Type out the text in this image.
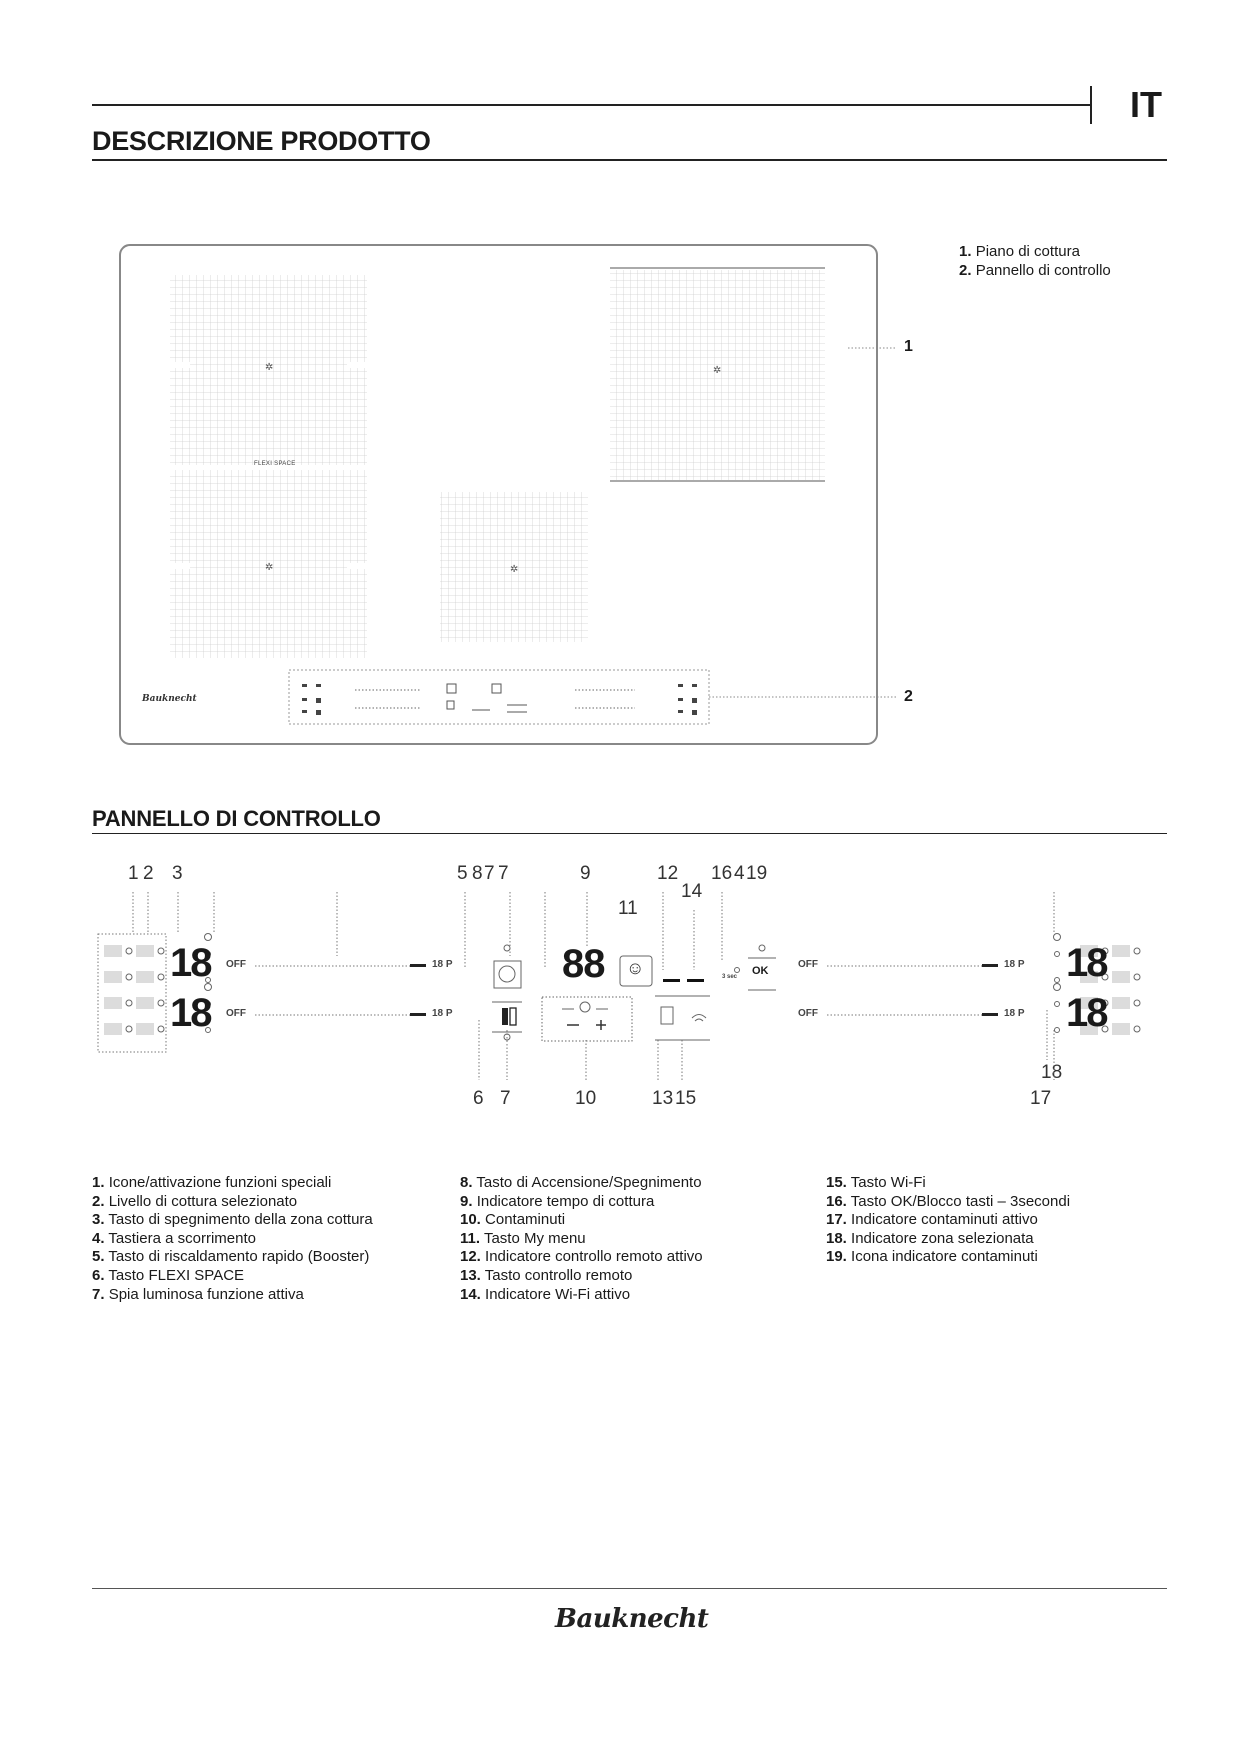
IT
DESCRIZIONE PRODOTTO
1. Piano di cottura
2. Pannello di controllo
✲
✲	✲
✲
FLEXI SPACE
Bauknecht
1
2
PANNELLO DI CONTROLLO
1 2 3	5 8 7 7	9
11
12
14
16 4 19
6 7	10	13 15
18
17
18
18
18
18
88
OFF
OFF
OFF
OFF
18 P
18 P
18 P
18 P
OK
3 sec
☺
1. Icone/attivazione funzioni speciali
2. Livello di cottura selezionato
3. Tasto di spegnimento della zona cottura
4. Tastiera a scorrimento
5. Tasto di riscaldamento rapido (Booster)
6. Tasto FLEXI SPACE
7. Spia luminosa funzione attiva
8. Tasto di Accensione/Spegnimento
9. Indicatore tempo di cottura
10. Contaminuti
11. Tasto My menu
12. Indicatore controllo remoto attivo
13. Tasto controllo remoto
14. Indicatore Wi-Fi attivo
15. Tasto Wi-Fi
16. Tasto OK/Blocco tasti – 3secondi
17. Indicatore contaminuti attivo
18. Indicatore zona selezionata
19. Icona indicatore contaminuti
Bauknecht
